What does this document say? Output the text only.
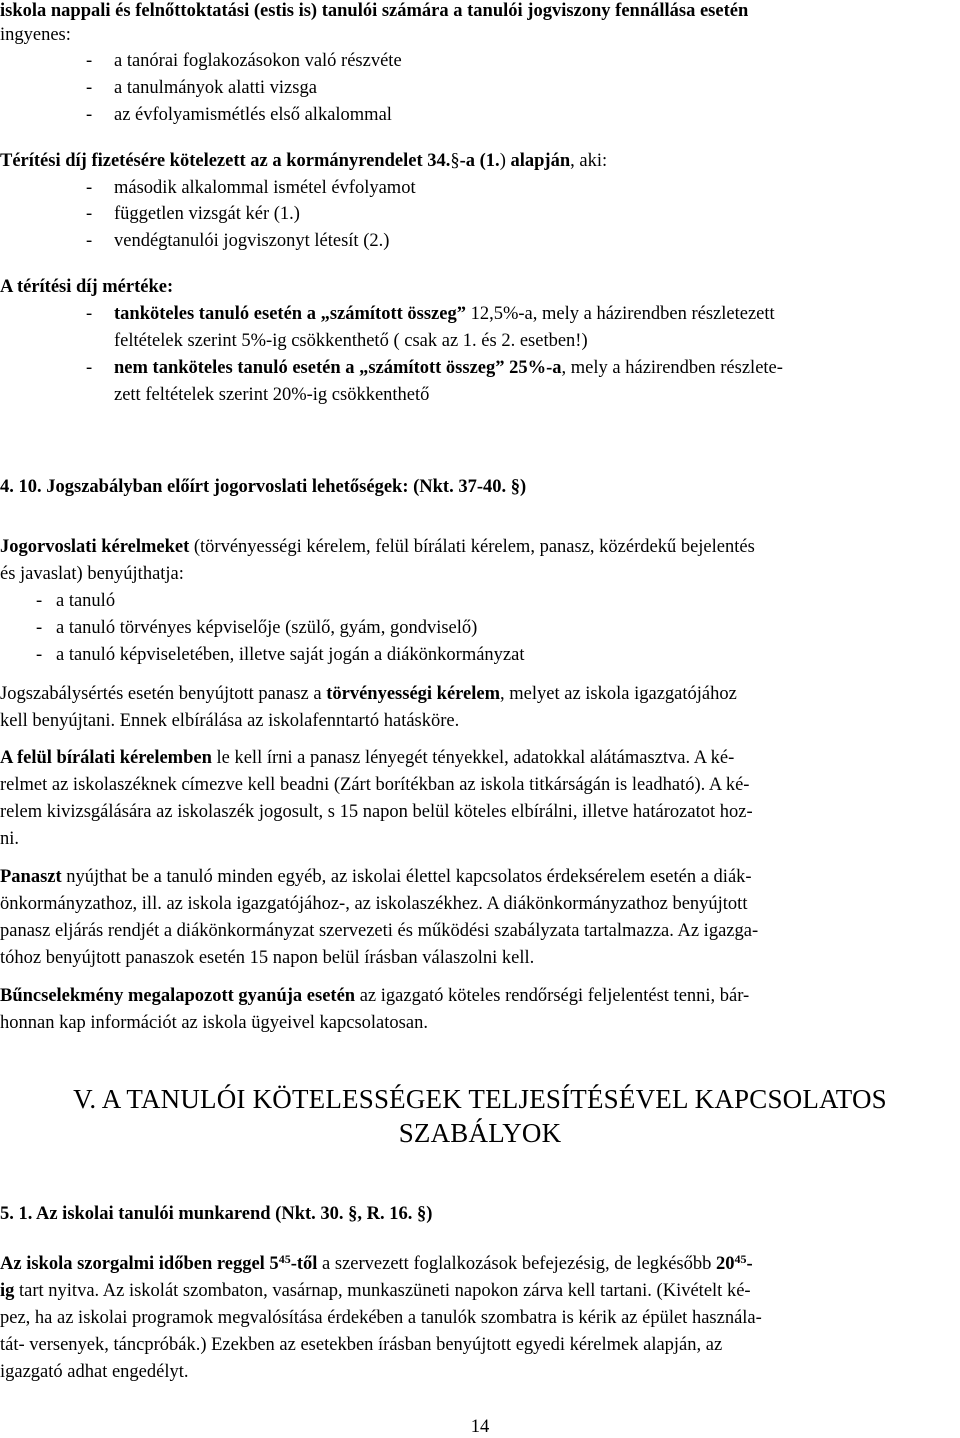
iskola nappali és felnőttoktatási (estis is) tanulói számára a tanulói jogviszony fennállása esetén
ingyenes:
- a tanórai foglakozásokon való részvéte
- a tanulmányok alatti vizsga
- az évfolyamismétlés első alkalommal
Térítési díj fizetésére kötelezett az a kormányrendelet 34.§-a (1.) alapján, aki:
- második alkalommal ismétel évfolyamot
- független vizsgát kér (1.)
- vendégtanulói jogviszonyt létesít (2.)
A térítési díj mértéke:
- tanköteles tanuló esetén a „számított összeg” 12,5%-a, mely a házirendben részletezett
feltételek szerint 5%-ig csökkenthető ( csak az 1. és 2. esetben!)
- nem tanköteles tanuló esetén a „számított összeg” 25%-a, mely a házirendben részlete-
zett feltételek szerint 20%-ig csökkenthető
4. 10. Jogszabályban előírt jogorvoslati lehetőségek: (Nkt. 37-40. §)
Jogorvoslati kérelmeket (törvényességi kérelem, felül bírálati kérelem, panasz, közérdekű bejelentés
és javaslat) benyújthatja:
- a tanuló
- a tanuló törvényes képviselője (szülő, gyám, gondviselő)
- a tanuló képviseletében, illetve saját jogán a diákönkormányzat
Jogszabálysértés esetén benyújtott panasz a törvényességi kérelem, melyet az iskola igazgatójához
kell benyújtani. Ennek elbírálása az iskolafenntartó hatásköre.
A felül bírálati kérelemben le kell írni a panasz lényegét tényekkel, adatokkal alátámasztva. A ké-
relmet az iskolaszéknek címezve kell beadni (Zárt borítékban az iskola titkárságán is leadható). A ké-
relem kivizsgálására az iskolaszék jogosult, s 15 napon belül köteles elbírálni, illetve határozatot hoz-
ni.
Panaszt nyújthat be a tanuló minden egyéb, az iskolai élettel kapcsolatos érdeksérelem esetén a diák-
önkormányzathoz, ill. az iskola igazgatójához-, az iskolaszékhez. A diákönkormányzathoz benyújtott
panasz eljárás rendjét a diákönkormányzat szervezeti és működési szabályzata tartalmazza. Az igazga-
tóhoz benyújtott panaszok esetén 15 napon belül írásban válaszolni kell.
Bűncselekmény megalapozott gyanúja esetén az igazgató köteles rendőrségi feljelentést tenni, bár-
honnan kap információt az iskola ügyeivel kapcsolatosan.
V. A TANULÓI KÖTELESSÉGEK TELJESÍTÉSÉVEL KAPCSOLATOS
SZABÁLYOK
5. 1. Az iskolai tanulói munkarend (Nkt. 30. §, R. 16. §)
Az iskola szorgalmi időben reggel $5^{45}$-től a szervezett foglalkozások befejezésig, de legkésőbb $20^{45}-$
ig tart nyitva. Az iskolát szombaton, vasárnap, munkaszüneti napokon zárva kell tartani. (Kivételt ké-
pez, ha az iskolai programok megvalósítása érdekében a tanulók szombatra is kérik az épület használa-
tát- versenyek, táncpróbák.) Ezekben az esetekben írásban benyújtott egyedi kérelmek alapján, az
igazgató adhat engedélyt.
14
